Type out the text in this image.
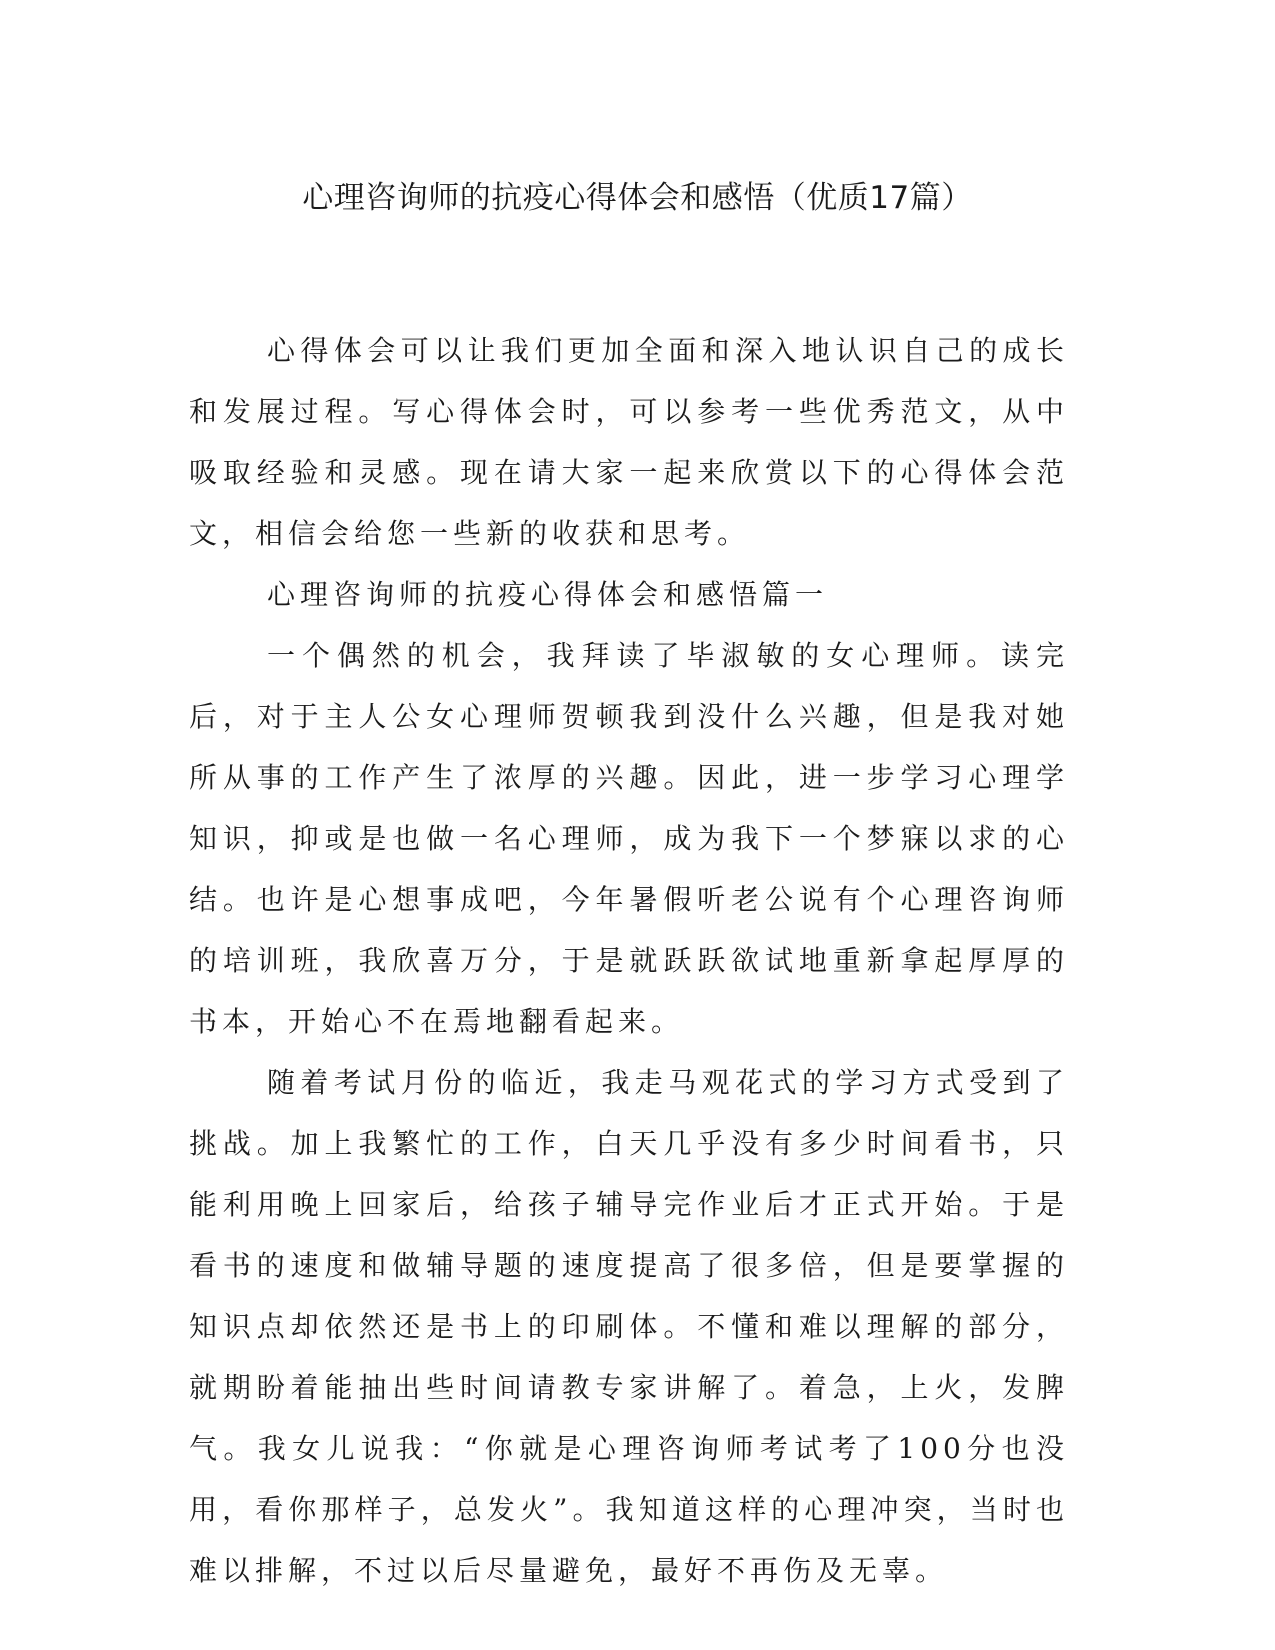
心理咨询师的抗疫心得体会和感悟（优质17篇）

心得体会可以让我们更加全面和深入地认识自己的成长和发展过程。写心得体会时，可以参考一些优秀范文，从中吸取经验和灵感。现在请大家一起来欣赏以下的心得体会范文，相信会给您一些新的收获和思考。

心理咨询师的抗疫心得体会和感悟篇一

一个偶然的机会，我拜读了毕淑敏的女心理师。读完后，对于主人公女心理师贺顿我到没什么兴趣，但是我对她所从事的工作产生了浓厚的兴趣。因此，进一步学习心理学知识，抑或是也做一名心理师，成为我下一个梦寐以求的心结。也许是心想事成吧，今年暑假听老公说有个心理咨询师的培训班，我欣喜万分，于是就跃跃欲试地重新拿起厚厚的书本，开始心不在焉地翻看起来。

随着考试月份的临近，我走马观花式的学习方式受到了挑战。加上我繁忙的工作，白天几乎没有多少时间看书，只能利用晚上回家后，给孩子辅导完作业后才正式开始。于是看书的速度和做辅导题的速度提高了很多倍，但是要掌握的知识点却依然还是书上的印刷体。不懂和难以理解的部分，就期盼着能抽出些时间请教专家讲解了。着急，上火，发脾气。我女儿说我：“你就是心理咨询师考试考了100分也没用，看你那样子，总发火”。我知道这样的心理冲突，当时也难以排解，不过以后尽量避免，最好不再伤及无辜。
